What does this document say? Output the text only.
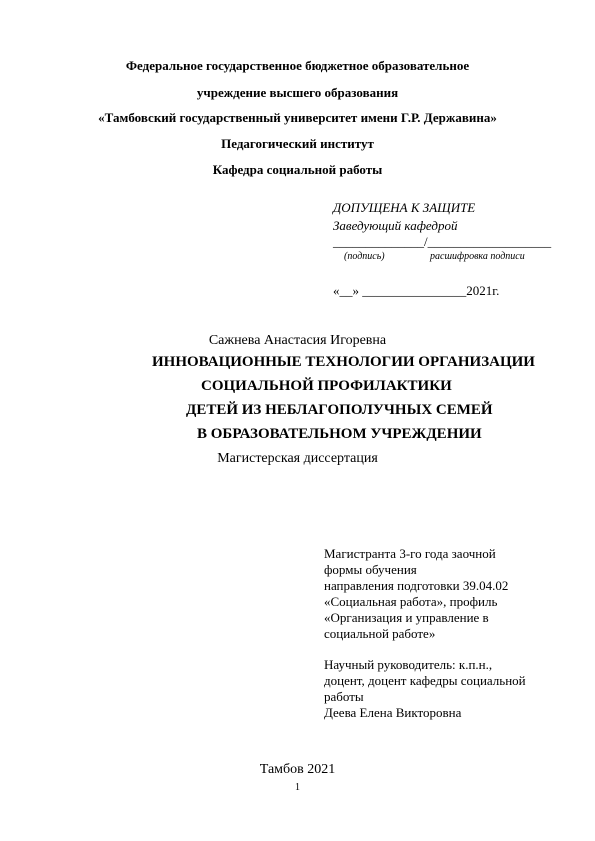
Федеральное государственное бюджетное образовательное
учреждение высшего образования
«Тамбовский государственный университет имени Г.Р. Державина»
Педагогический институт
Кафедра социальной работы
ДОПУЩЕНА К ЗАЩИТЕ
Заведующий кафедрой
______________/___________________
(подпись)	расшифровка подписи
«__» ________________2021г.
Сажнева Анастасия Игоревна
ИННОВАЦИОННЫЕ ТЕХНОЛОГИИ ОРГАНИЗАЦИИ
СОЦИАЛЬНОЙ ПРОФИЛАКТИКИ
ДЕТЕЙ ИЗ НЕБЛАГОПОЛУЧНЫХ СЕМЕЙ
В ОБРАЗОВАТЕЛЬНОМ УЧРЕЖДЕНИИ
Магистерская диссертация
Магистранта 3-го года заочной
формы обучения
направления подготовки 39.04.02
«Социальная работа», профиль
«Организация и управление в
социальной работе»
Научный руководитель: к.п.н.,
доцент, доцент кафедры социальной
работы
Деева Елена Викторовна
Тамбов 2021
1
